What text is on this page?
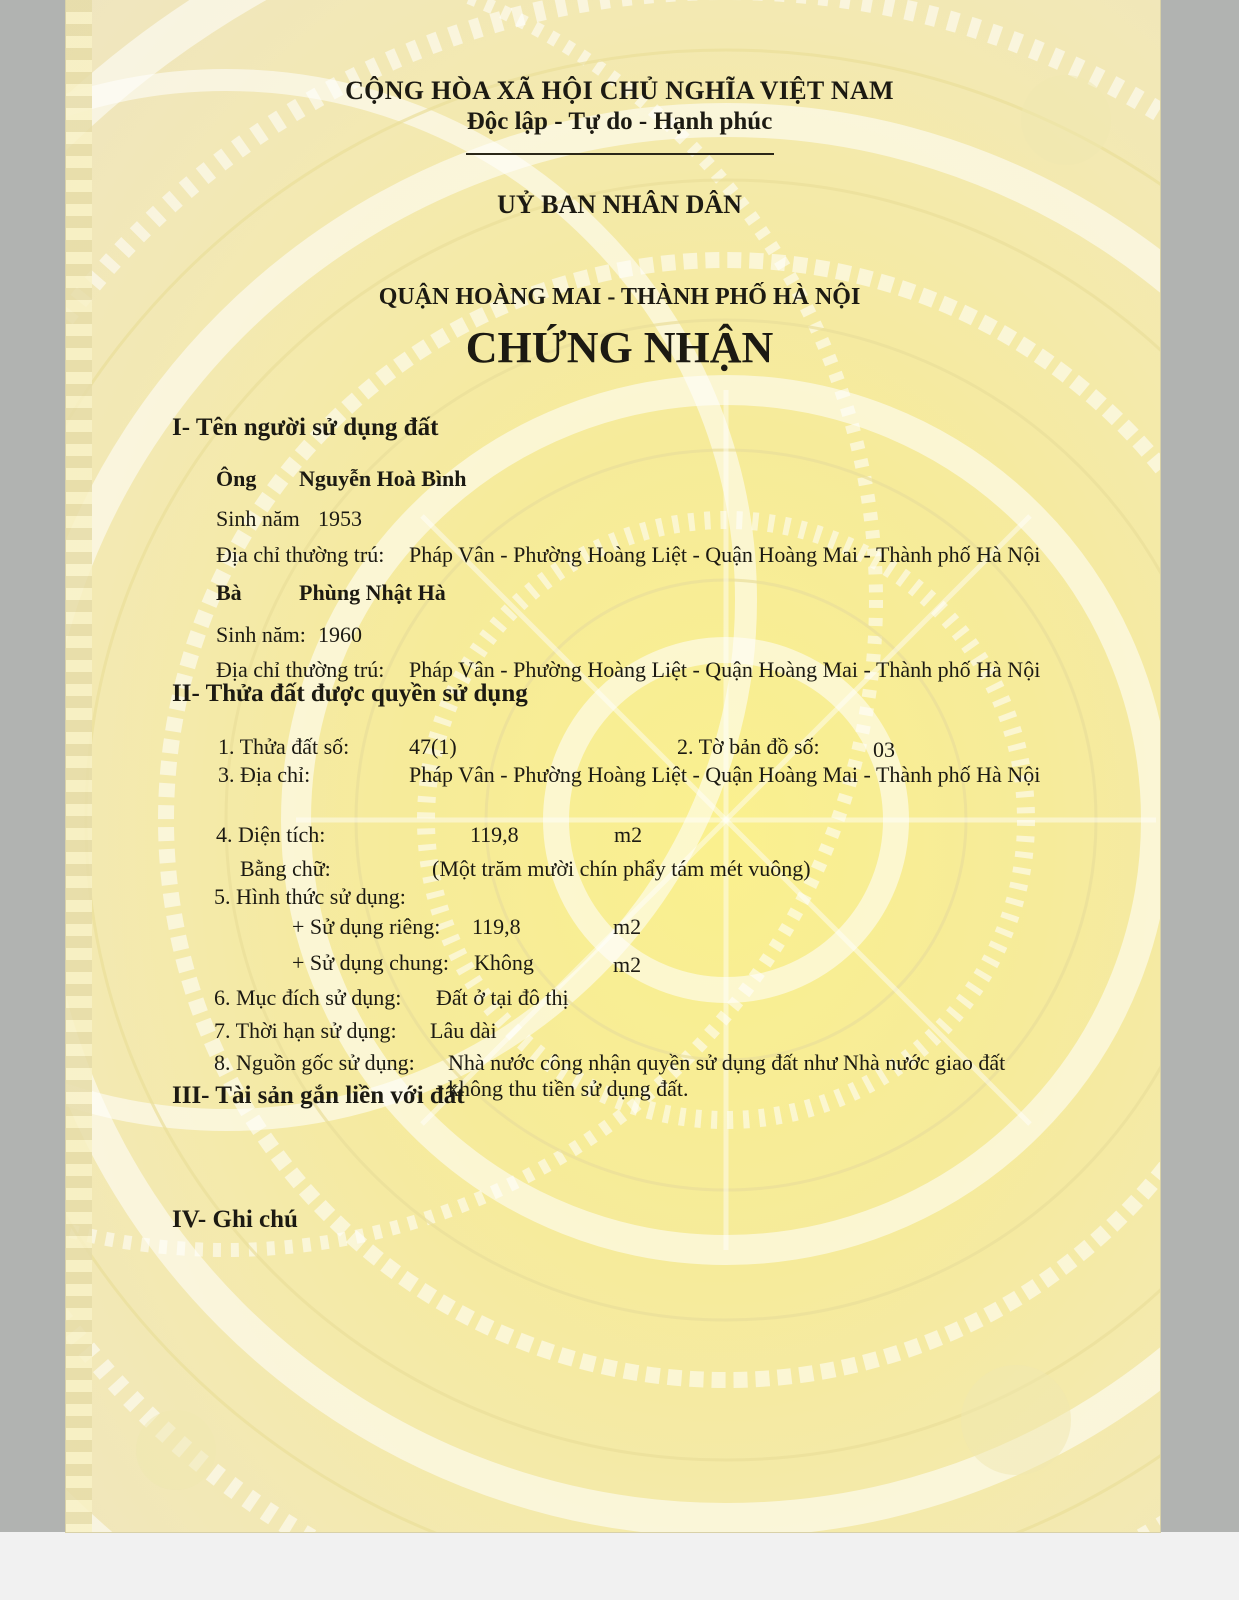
CỘNG HÒA XÃ HỘI CHỦ NGHĨA VIỆT NAM
Độc lập - Tự do - Hạnh phúc
UỶ BAN NHÂN DÂN
QUẬN HOÀNG MAI - THÀNH PHỐ HÀ NỘI
CHỨNG NHẬN
I- Tên người sử dụng đất
Ông Nguyễn Hoà Bình
Sinh năm 1953
Địa chỉ thường trú: Pháp Vân - Phường Hoàng Liệt - Quận Hoàng Mai - Thành phố Hà Nội
Bà	Phùng Nhật Hà
Sinh năm: 1960
Địa chỉ thường trú: Pháp Vân - Phường Hoàng Liệt - Quận Hoàng Mai - Thành phố Hà Nội
II- Thửa đất được quyền sử dụng
1. Thửa đất số:	47(1)	2. Tờ bản đồ số: 03
3. Địa chỉ:	Pháp Vân - Phường Hoàng Liệt - Quận Hoàng Mai - Thành phố Hà Nội
4. Diện tích:	119,8	m2
Bằng chữ:	(Một trăm mười chín phẩy tám mét vuông)
5. Hình thức sử dụng:
+ Sử dụng riêng: 119,8	m2
+ Sử dụng chung: Không	m2
6. Mục đích sử dụng: Đất ở tại đô thị
7. Thời hạn sử dụng: Lâu dài
8. Nguồn gốc sử dụng: Nhà nước công nhận quyền sử dụng đất như Nhà nước giao đất
không thu tiền sử dụng đất.
III- Tài sản gắn liền với đất
IV- Ghi chú
